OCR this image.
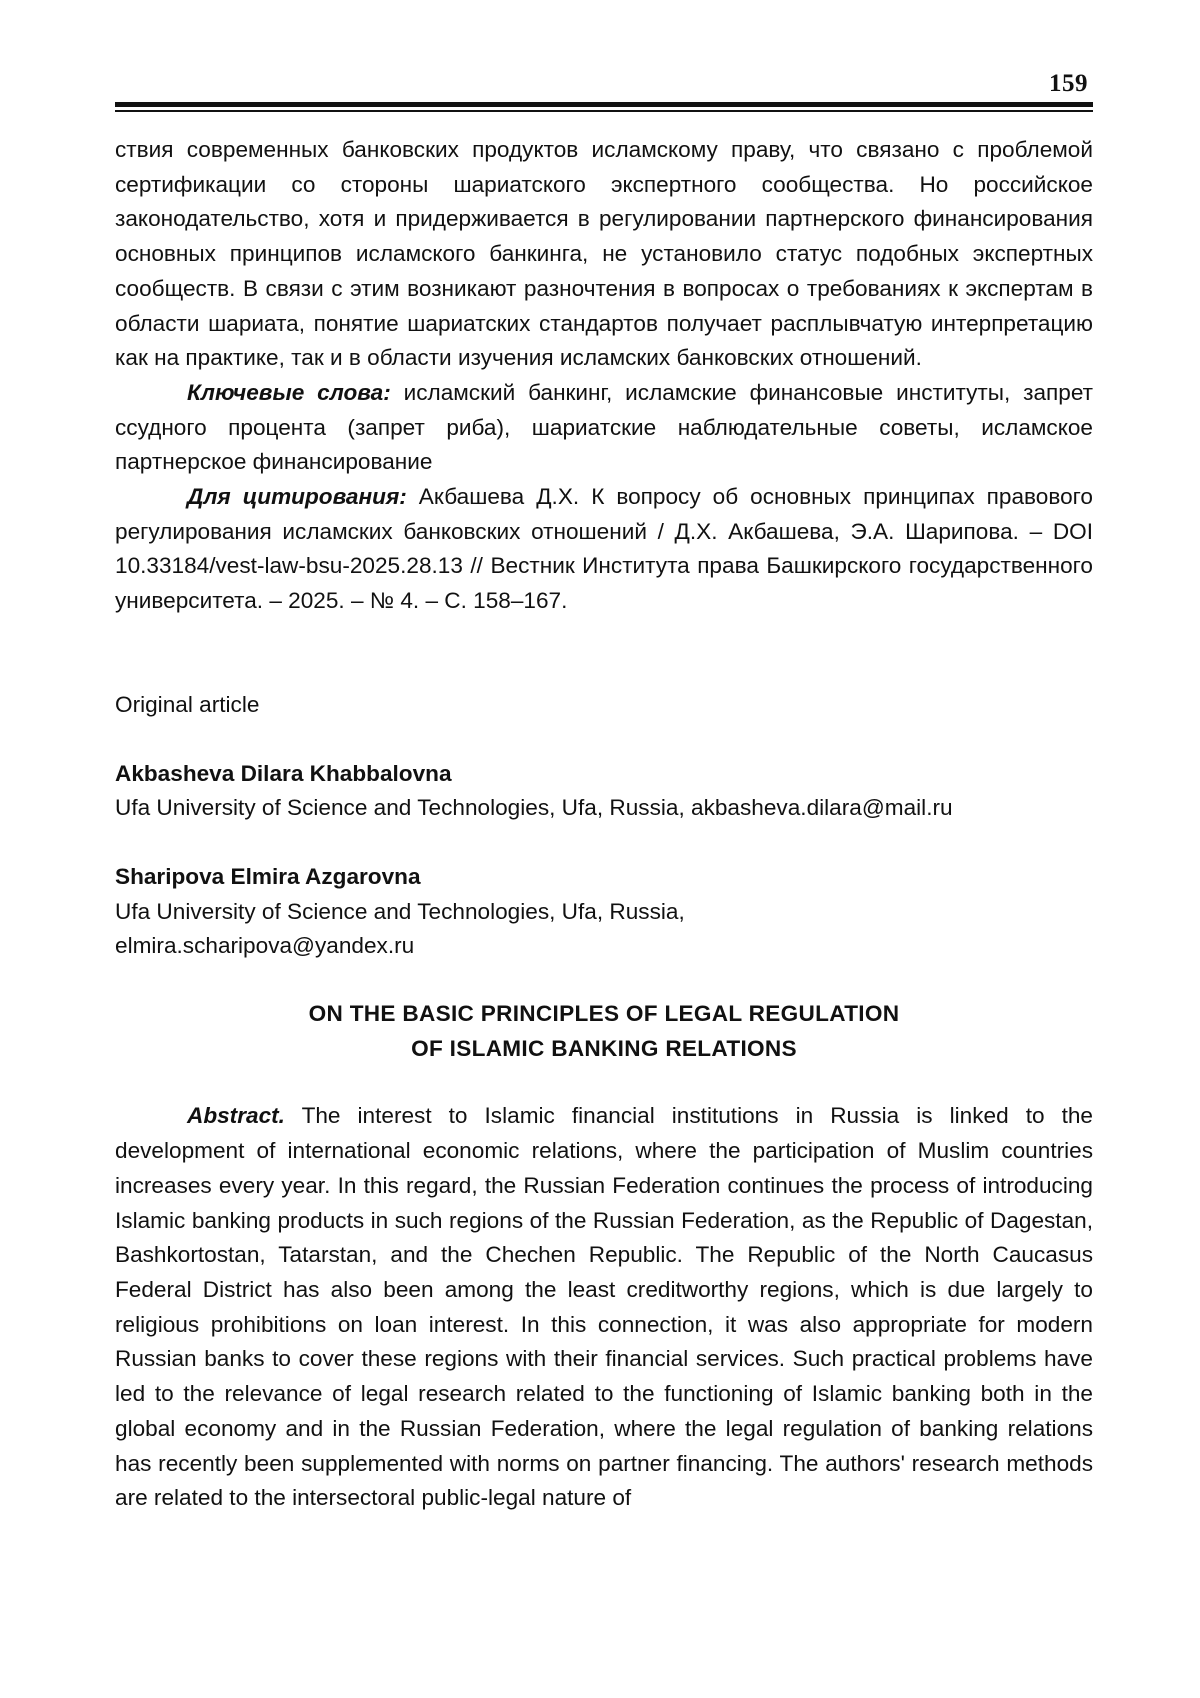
159

ствия современных банковских продуктов исламскому праву, что связано с проблемой сертификации со стороны шариатского экспертного сообщества. Но российское законодательство, хотя и придерживается в регулировании партнерского финансирования основных принципов исламского банкинга, не установило статус подобных экспертных сообществ. В связи с этим возникают разночтения в вопросах о требованиях к экспертам в области шариата, понятие шариатских стандартов получает расплывчатую интерпретацию как на практике, так и в области изучения исламских банковских отношений.

Ключевые слова: исламский банкинг, исламские финансовые институты, запрет ссудного процента (запрет риба), шариатские наблюдательные советы, исламское партнерское финансирование

Для цитирования: Акбашева Д.Х. К вопросу об основных принципах правового регулирования исламских банковских отношений / Д.Х. Акбашева, Э.А. Шарипова. – DOI 10.33184/vest-law-bsu-2025.28.13 // Вестник Института права Башкирского государственного университета. – 2025. – № 4. – С. 158–167.

Original article

Akbasheva Dilara Khabbalovna

Ufa University of Science and Technologies, Ufa, Russia, akbasheva.dilara@mail.ru

Sharipova Elmira Azgarovna

Ufa University of Science and Technologies, Ufa, Russia,

elmira.scharipova@yandex.ru

ON THE BASIC PRINCIPLES OF LEGAL REGULATION
OF ISLAMIC BANKING RELATIONS

Abstract. The interest to Islamic financial institutions in Russia is linked to the development of international economic relations, where the participation of Muslim countries increases every year. In this regard, the Russian Federation continues the process of introducing Islamic banking products in such regions of the Russian Federation, as the Republic of Dagestan, Bashkortostan, Tatarstan, and the Chechen Republic. The Republic of the North Caucasus Federal District has also been among the least creditworthy regions, which is due largely to religious prohibitions on loan interest. In this connection, it was also appropriate for modern Russian banks to cover these regions with their financial services. Such practical problems have led to the relevance of legal research related to the functioning of Islamic banking both in the global economy and in the Russian Federation, where the legal regulation of banking relations has recently been supplemented with norms on partner financing. The authors' research methods are related to the intersectoral public-legal nature of
